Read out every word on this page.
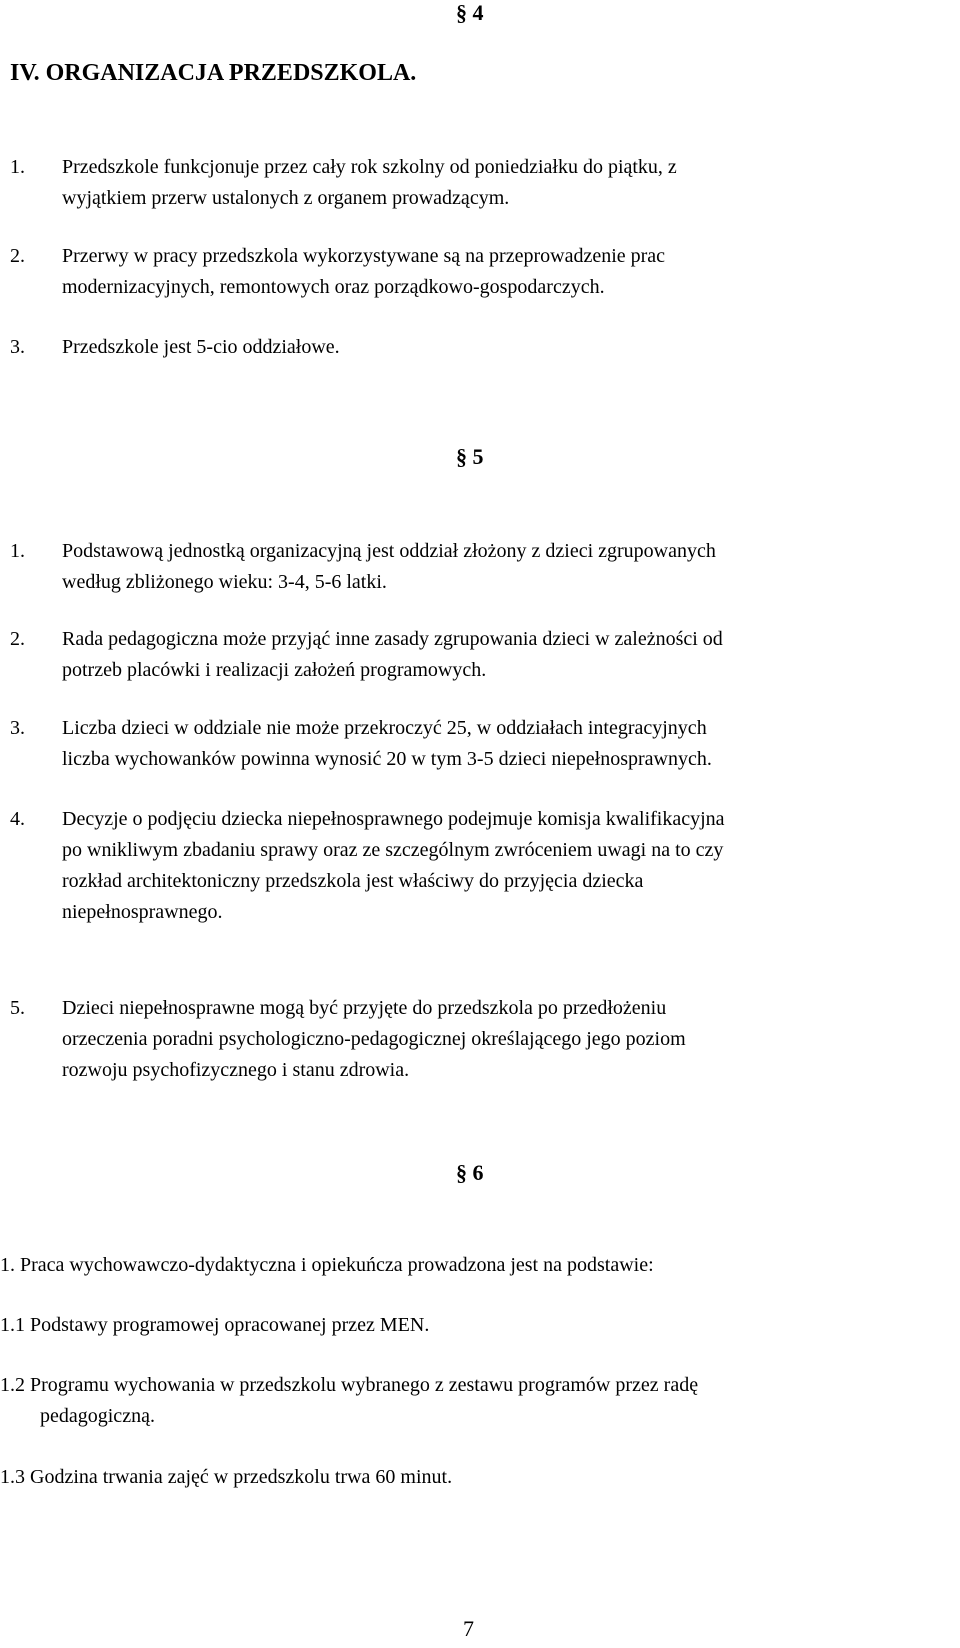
§ 4
IV. ORGANIZACJA PRZEDSZKOLA.
1.	Przedszkole funkcjonuje przez cały rok szkolny od poniedziałku do piątku, z
wyjątkiem przerw ustalonych z organem prowadzącym.
2.	Przerwy w pracy przedszkola wykorzystywane są na przeprowadzenie prac
modernizacyjnych, remontowych oraz porządkowo-gospodarczych.
3.	Przedszkole jest 5-cio oddziałowe.
§ 5
1.	Podstawową jednostką organizacyjną jest oddział złożony z dzieci zgrupowanych
według zbliżonego wieku: 3-4, 5-6 latki.
2.	Rada pedagogiczna może przyjąć inne zasady zgrupowania dzieci w zależności od
potrzeb placówki i realizacji założeń programowych.
3.	Liczba dzieci w oddziale nie może przekroczyć 25, w oddziałach integracyjnych
liczba wychowanków powinna wynosić 20 w tym 3-5 dzieci niepełnosprawnych.
4.	Decyzje o podjęciu dziecka niepełnosprawnego podejmuje komisja kwalifikacyjna
po wnikliwym zbadaniu sprawy oraz ze szczególnym zwróceniem uwagi na to czy
rozkład architektoniczny przedszkola jest właściwy do przyjęcia dziecka
niepełnosprawnego.
5.	Dzieci niepełnosprawne mogą być przyjęte do przedszkola po przedłożeniu
orzeczenia poradni psychologiczno-pedagogicznej określającego jego poziom
rozwoju psychofizycznego i stanu zdrowia.
§ 6
1. Praca wychowawczo-dydaktyczna i opiekuńcza prowadzona jest na podstawie:
1.1 Podstawy programowej opracowanej przez MEN.
1.2 Programu wychowania w przedszkolu wybranego z zestawu programów przez radę
pedagogiczną.
1.3 Godzina trwania zajęć w przedszkolu trwa 60 minut.
7
